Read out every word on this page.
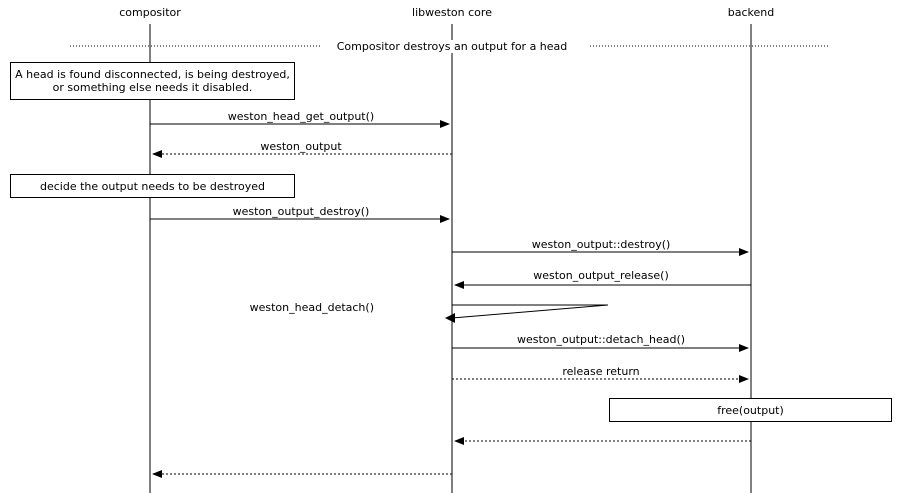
compositor	libweston core	backend
Compositor destroys an output for a head
A head is found disconnected, is being destroyed, or something else needs it disabled.
decide the output needs to be destroyed
free(output)
weston_head_get_output()
weston_output
weston_output_destroy()
weston_output::destroy()
weston_output_release()
weston_head_detach()
weston_output::detach_head()
release return
